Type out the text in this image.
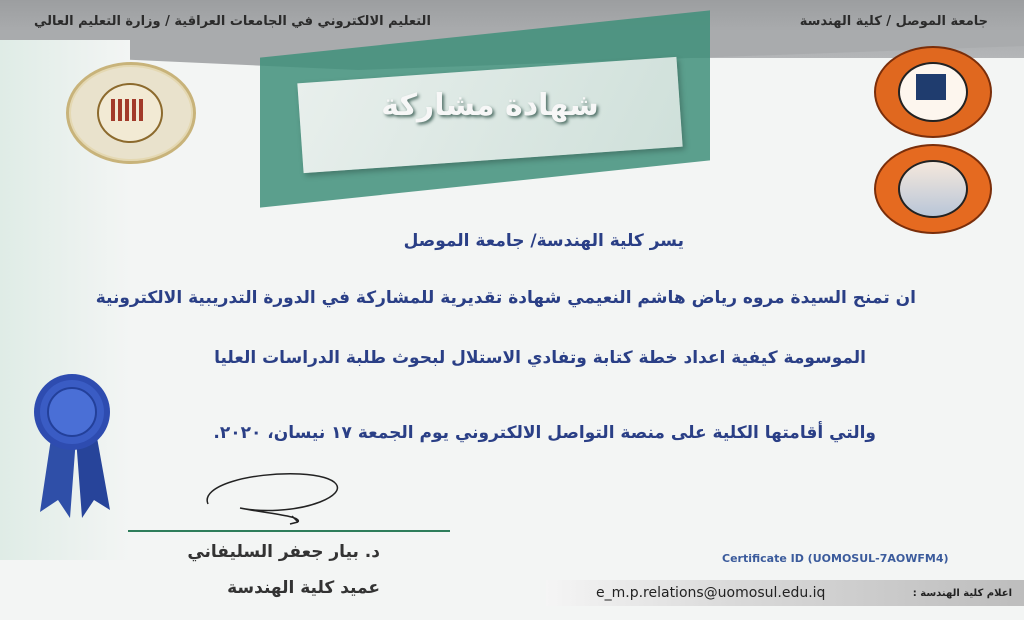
جامعة الموصل / كلية الهندسة
التعليم الالكتروني في الجامعات العراقية / وزارة التعليم العالي
شهادة مشاركة
يسر كلية الهندسة/ جامعة الموصل
ان تمنح السيدة مروه رياض هاشم النعيمي شهادة تقديرية للمشاركة في الدورة التدريبية الالكترونية
الموسومة كيفية اعداد خطة كتابة وتفادي الاستلال لبحوث طلبة الدراسات العليا
والتي أقامتها الكلية على منصة التواصل الالكتروني يوم الجمعة ١٧ نيسان، ٢٠٢٠.
د. بيار جعفر السليفاني
عميد كلية الهندسة
Certificate ID (UOMOSUL-7AOWFM4)
e_m.p.relations@uomosul.edu.iq	اعلام كلية الهندسة :
